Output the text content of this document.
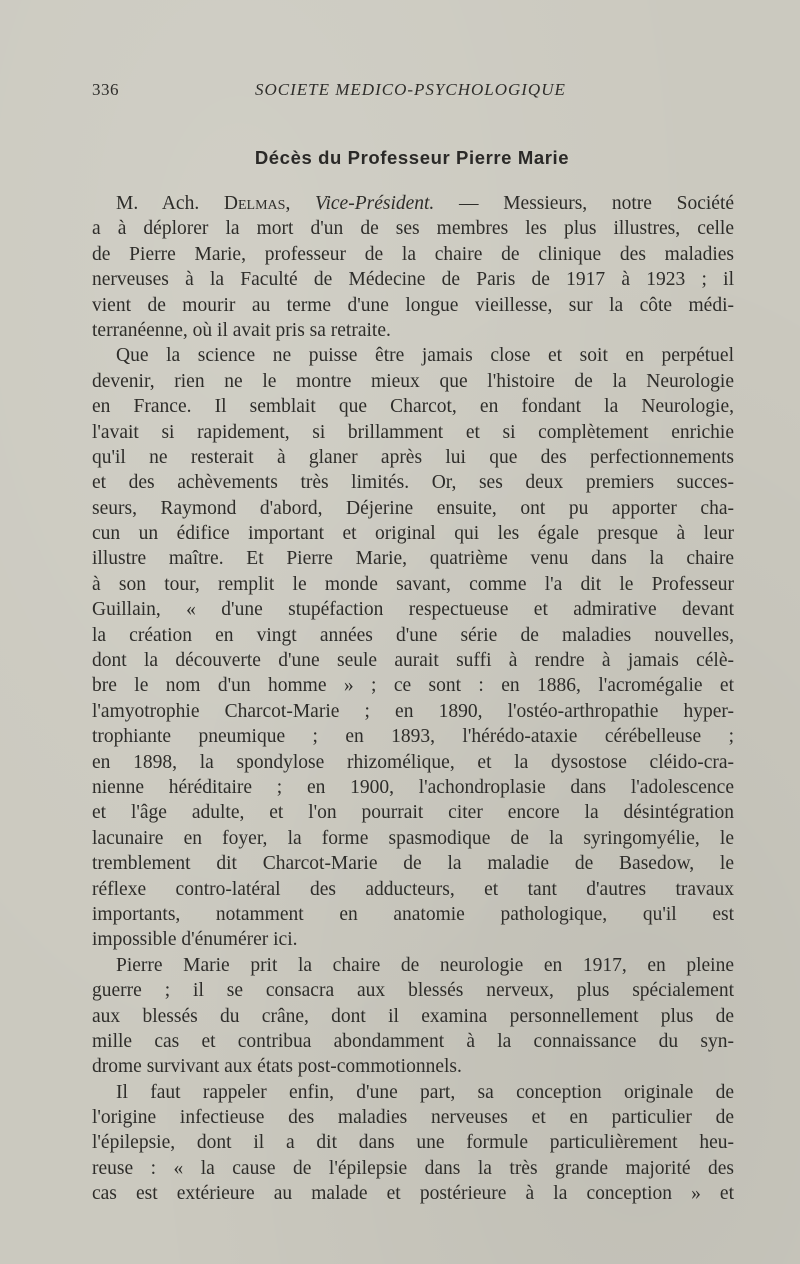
336	SOCIETE MEDICO-PSYCHOLOGIQUE
Décès du Professeur Pierre Marie
M. Ach. Delmas, Vice-Président. — Messieurs, notre Société
a à déplorer la mort d'un de ses membres les plus illustres, celle
de Pierre Marie, professeur de la chaire de clinique des maladies
nerveuses à la Faculté de Médecine de Paris de 1917 à 1923 ; il
vient de mourir au terme d'une longue vieillesse, sur la côte médi-
terranéenne, où il avait pris sa retraite.
Que la science ne puisse être jamais close et soit en perpétuel
devenir, rien ne le montre mieux que l'histoire de la Neurologie
en France. Il semblait que Charcot, en fondant la Neurologie,
l'avait si rapidement, si brillamment et si complètement enrichie
qu'il ne resterait à glaner après lui que des perfectionnements
et des achèvements très limités. Or, ses deux premiers succes-
seurs, Raymond d'abord, Déjerine ensuite, ont pu apporter cha-
cun un édifice important et original qui les égale presque à leur
illustre maître. Et Pierre Marie, quatrième venu dans la chaire
à son tour, remplit le monde savant, comme l'a dit le Professeur
Guillain, « d'une stupéfaction respectueuse et admirative devant
la création en vingt années d'une série de maladies nouvelles,
dont la découverte d'une seule aurait suffi à rendre à jamais célè-
bre le nom d'un homme » ; ce sont : en 1886, l'acromégalie et
l'amyotrophie Charcot-Marie ; en 1890, l'ostéo-arthropathie hyper-
trophiante pneumique ; en 1893, l'hérédo-ataxie cérébelleuse ;
en 1898, la spondylose rhizomélique, et la dysostose cléido-cra-
nienne héréditaire ; en 1900, l'achondroplasie dans l'adolescence
et l'âge adulte, et l'on pourrait citer encore la désintégration
lacunaire en foyer, la forme spasmodique de la syringomyélie, le
tremblement dit Charcot-Marie de la maladie de Basedow, le
réflexe contro-latéral des adducteurs, et tant d'autres travaux
importants, notamment en anatomie pathologique, qu'il est
impossible d'énumérer ici.
Pierre Marie prit la chaire de neurologie en 1917, en pleine
guerre ; il se consacra aux blessés nerveux, plus spécialement
aux blessés du crâne, dont il examina personnellement plus de
mille cas et contribua abondamment à la connaissance du syn-
drome survivant aux états post-commotionnels.
Il faut rappeler enfin, d'une part, sa conception originale de
l'origine infectieuse des maladies nerveuses et en particulier de
l'épilepsie, dont il a dit dans une formule particulièrement heu-
reuse : « la cause de l'épilepsie dans la très grande majorité des
cas est extérieure au malade et postérieure à la conception » et
